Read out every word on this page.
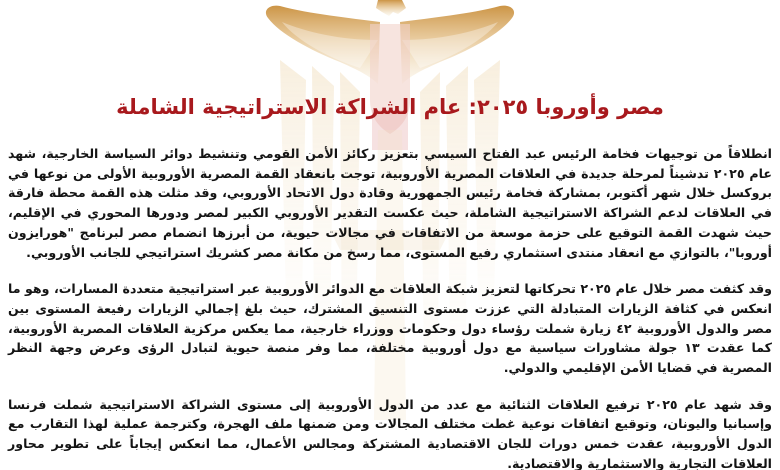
مصر وأوروبا ٢٠٢٥: عام الشراكة الاستراتيجية الشاملة

انطلاقاً من توجيهات فخامة الرئيس عبد الفتاح السيسي بتعزيز ركائز الأمن القومي وتنشيط دوائر السياسة الخارجية، شهد عام ٢٠٢٥ تدشيناً لمرحلة جديدة في العلاقات المصرية الأوروبية، توجت بانعقاد القمة المصرية الأوروبية الأولى من نوعها في بروكسل خلال شهر أكتوبر، بمشاركة فخامة رئيس الجمهورية وقادة دول الاتحاد الأوروبي، وقد مثلت هذه القمة محطة فارقة في العلاقات لدعم الشراكة الاستراتيجية الشاملة، حيث عكست التقدير الأوروبي الكبير لمصر ودورها المحوري في الإقليم، حيث شهدت القمة التوقيع على حزمة موسعة من الاتفاقات في مجالات حيوية، من أبرزها انضمام مصر لبرنامج "هورايزون أوروبا"، بالتوازي مع انعقاد منتدى استثماري رفيع المستوى، مما رسخ من مكانة مصر كشريك استراتيجي للجانب الأوروبي.

وقد كثفت مصر خلال عام ٢٠٢٥ تحركاتها لتعزيز شبكة العلاقات مع الدوائر الأوروبية عبر استراتيجية متعددة المسارات، وهو ما انعكس في كثافة الزيارات المتبادلة التي عززت مستوى التنسيق المشترك، حيث بلغ إجمالي الزيارات رفيعة المستوى بين مصر والدول الأوروبية ٤٢ زيارة شملت رؤساء دول وحكومات ووزراء خارجية، مما يعكس مركزية العلاقات المصرية الأوروبية، كما عقدت ١٣ جولة مشاورات سياسية مع دول أوروبية مختلفة، مما وفر منصة حيوية لتبادل الرؤى وعرض وجهة النظر المصرية في قضايا الأمن الإقليمي والدولي.

وقد شهد عام ٢٠٢٥ ترفيع العلاقات الثنائية مع عدد من الدول الأوروبية إلى مستوى الشراكة الاستراتيجية شملت فرنسا وإسبانيا واليونان، وتوقيع اتفاقات نوعية غطت مختلف المجالات ومن ضمنها ملف الهجرة، وكترجمة عملية لهذا التقارب مع الدول الأوروبية، عقدت خمس دورات للجان الاقتصادية المشتركة ومجالس الأعمال، مما انعكس إيجاباً على تطوير محاور العلاقات التجارية والاستثمارية والاقتصادية.
